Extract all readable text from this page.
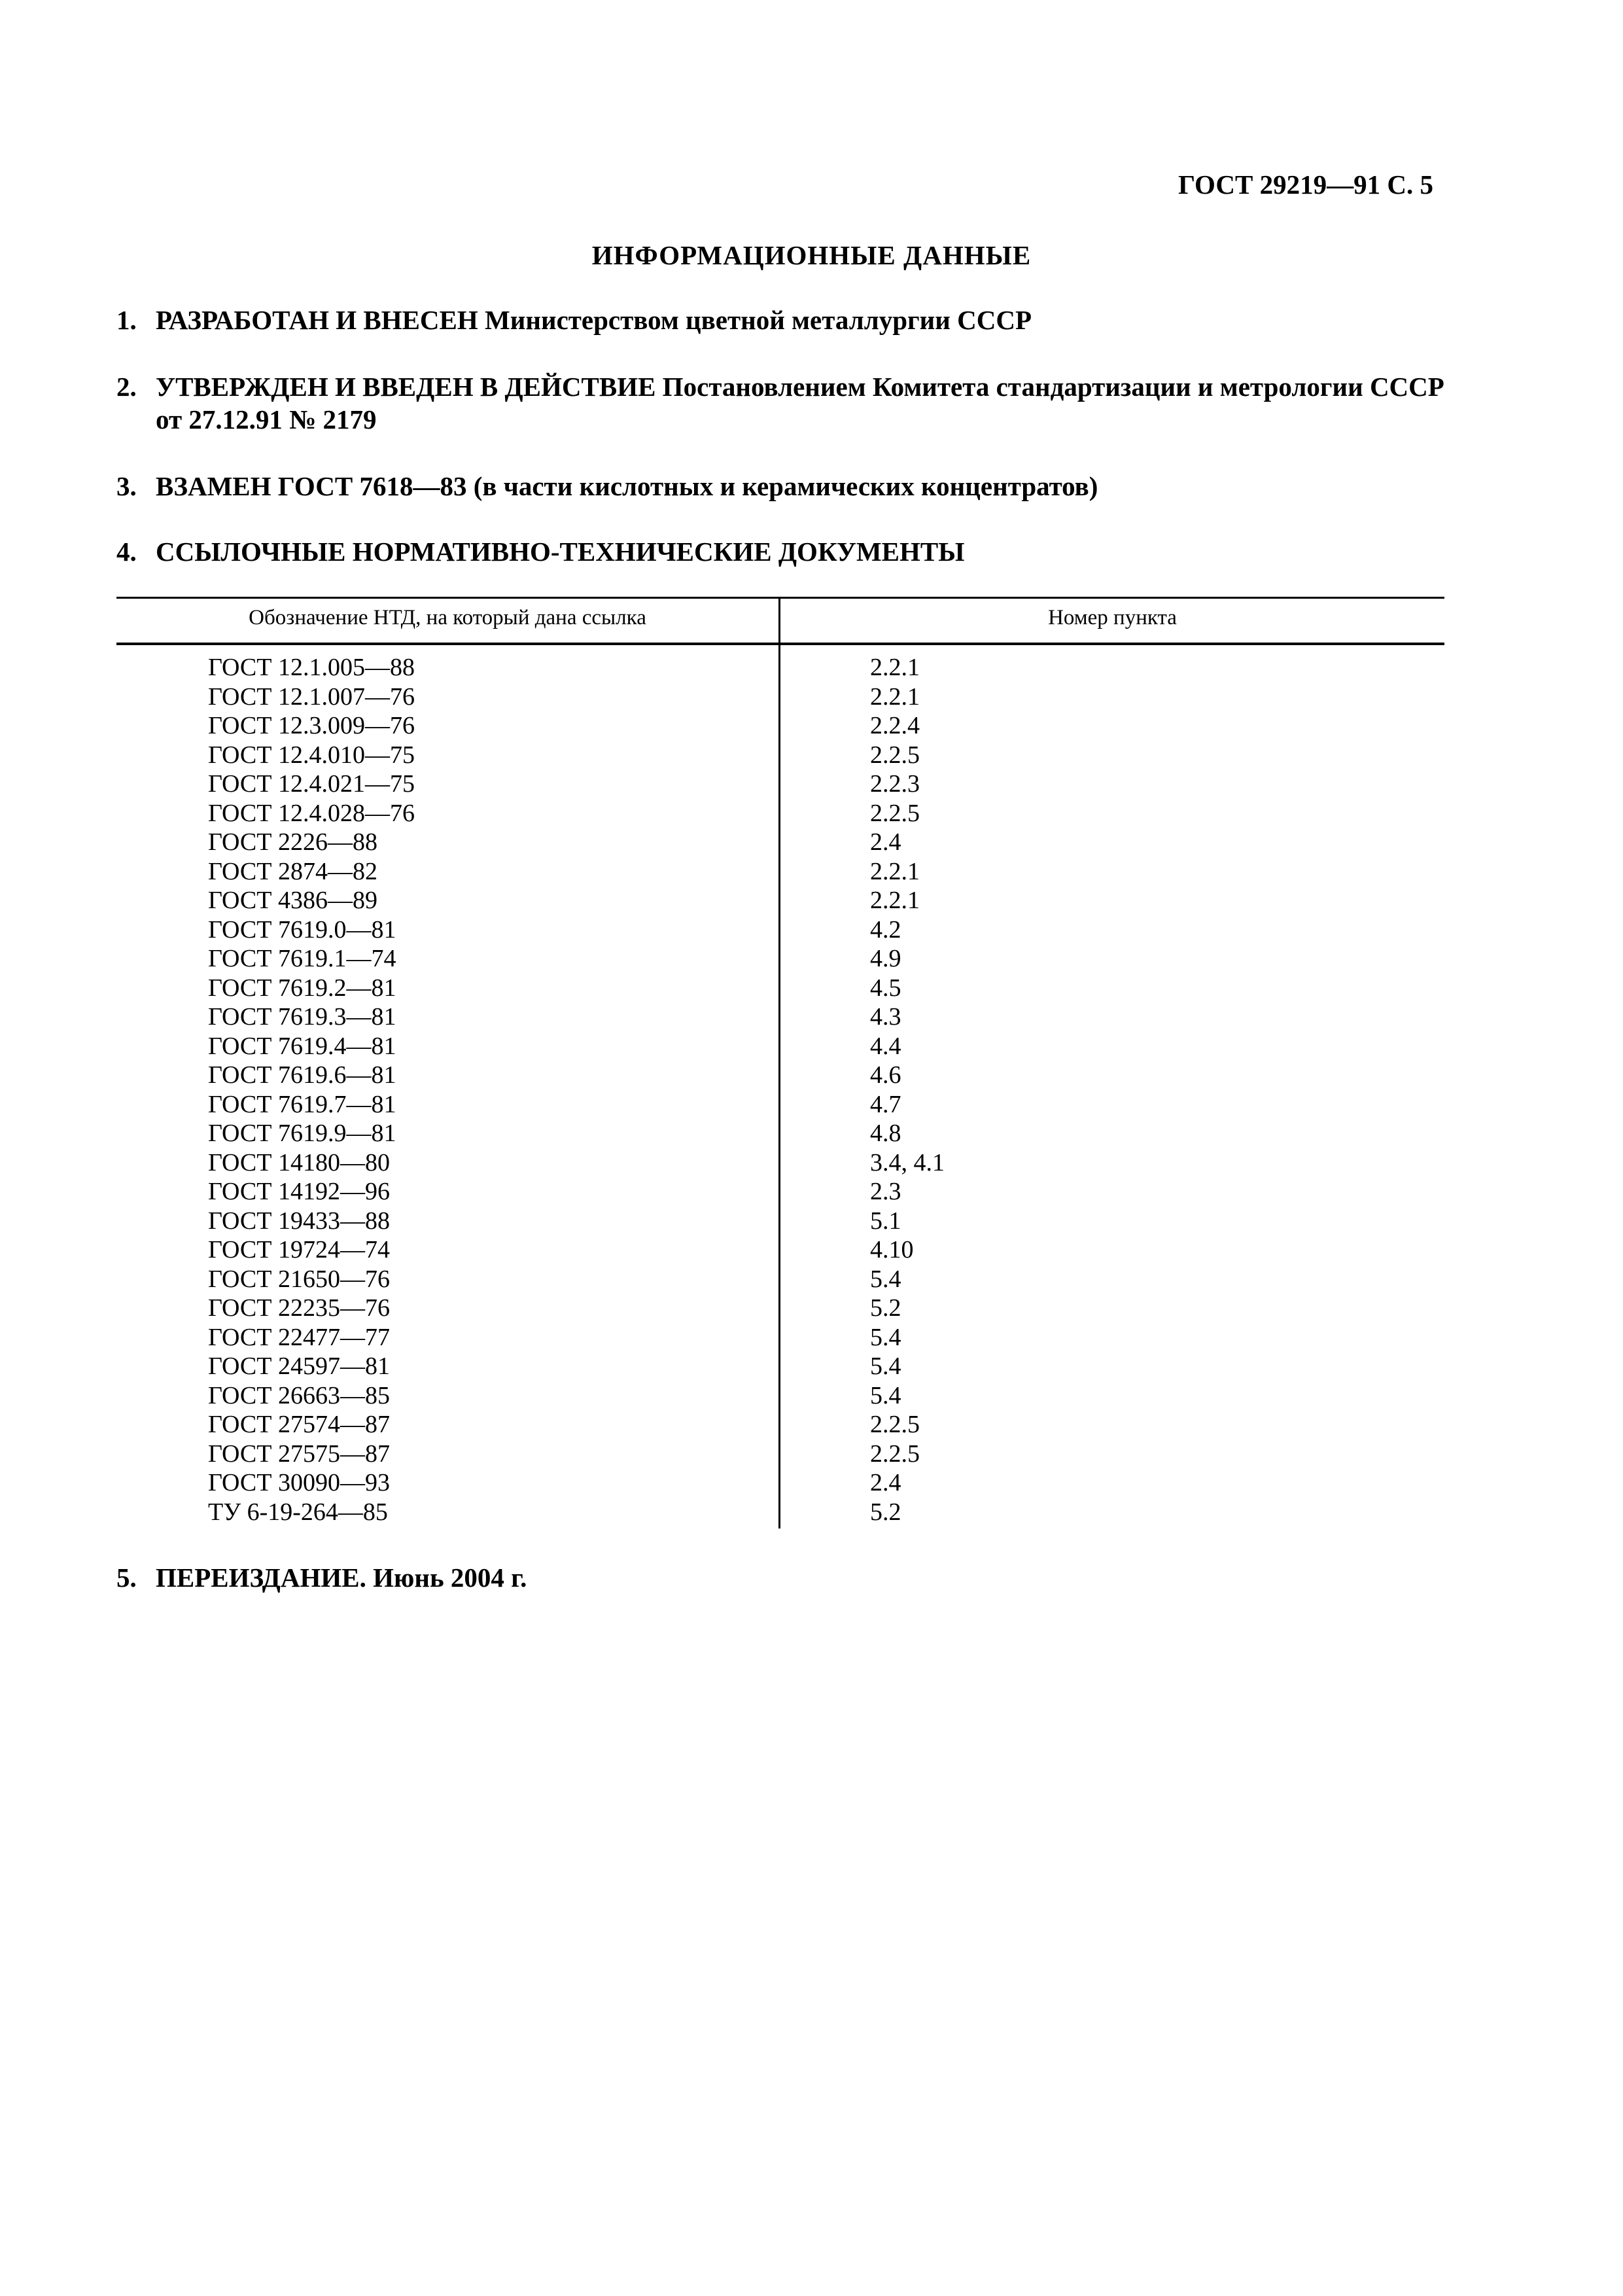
ГОСТ 29219—91 С. 5
ИНФОРМАЦИОННЫЕ ДАННЫЕ
1. РАЗРАБОТАН И ВНЕСЕН Министерством цветной металлургии СССР
2. УТВЕРЖДЕН И ВВЕДЕН В ДЕЙСТВИЕ Постановлением Комитета стандартизации и метрологии СССР от 27.12.91 № 2179
3. ВЗАМЕН ГОСТ 7618—83 (в части кислотных и керамических концентратов)
4. ССЫЛОЧНЫЕ НОРМАТИВНО-ТЕХНИЧЕСКИЕ ДОКУМЕНТЫ
Обозначение НТД, на который дана ссылка	Номер пункта
ГОСТ 12.1.005—88	2.2.1
ГОСТ 12.1.007—76	2.2.1
ГОСТ 12.3.009—76	2.2.4
ГОСТ 12.4.010—75	2.2.5
ГОСТ 12.4.021—75	2.2.3
ГОСТ 12.4.028—76	2.2.5
ГОСТ 2226—88	2.4
ГОСТ 2874—82	2.2.1
ГОСТ 4386—89	2.2.1
ГОСТ 7619.0—81	4.2
ГОСТ 7619.1—74	4.9
ГОСТ 7619.2—81	4.5
ГОСТ 7619.3—81	4.3
ГОСТ 7619.4—81	4.4
ГОСТ 7619.6—81	4.6
ГОСТ 7619.7—81	4.7
ГОСТ 7619.9—81	4.8
ГОСТ 14180—80	3.4, 4.1
ГОСТ 14192—96	2.3
ГОСТ 19433—88	5.1
ГОСТ 19724—74	4.10
ГОСТ 21650—76	5.4
ГОСТ 22235—76	5.2
ГОСТ 22477—77	5.4
ГОСТ 24597—81	5.4
ГОСТ 26663—85	5.4
ГОСТ 27574—87	2.2.5
ГОСТ 27575—87	2.2.5
ГОСТ 30090—93	2.4
ТУ 6-19-264—85	5.2
5. ПЕРЕИЗДАНИЕ. Июнь 2004 г.
